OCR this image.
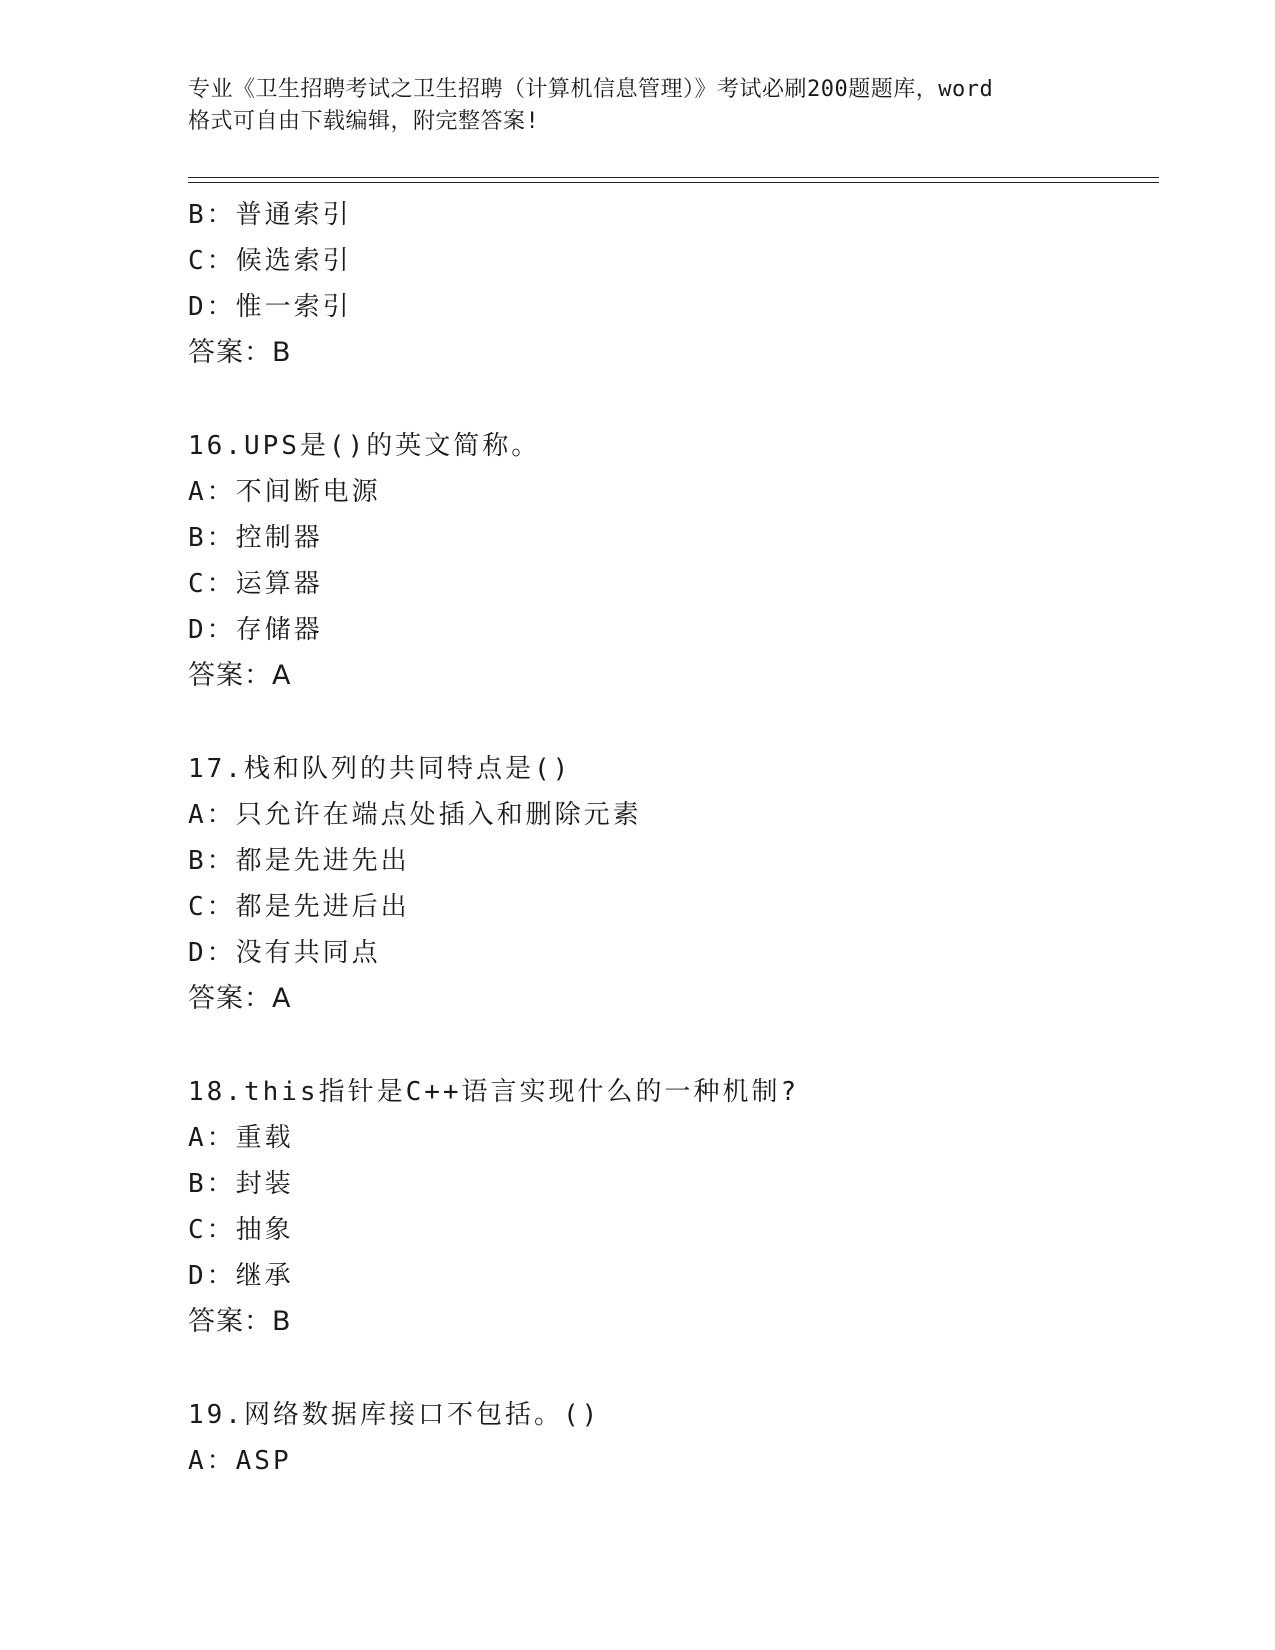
专业《卫生招聘考试之卫生招聘（计算机信息管理）》考试必刷200题题库，word
格式可自由下载编辑，附完整答案!
B：普通索引
C：候选索引
D：惟一索引
答案：B
16.UPS是()的英文简称。
A：不间断电源
B：控制器
C：运算器
D：存储器
答案：A
17.栈和队列的共同特点是()
A：只允许在端点处插入和删除元素
B：都是先进先出
C：都是先进后出
D：没有共同点
答案：A
18.this指针是C++语言实现什么的一种机制?
A：重载
B：封装
C：抽象
D：继承
答案：B
19.网络数据库接口不包括。()
A：ASP
